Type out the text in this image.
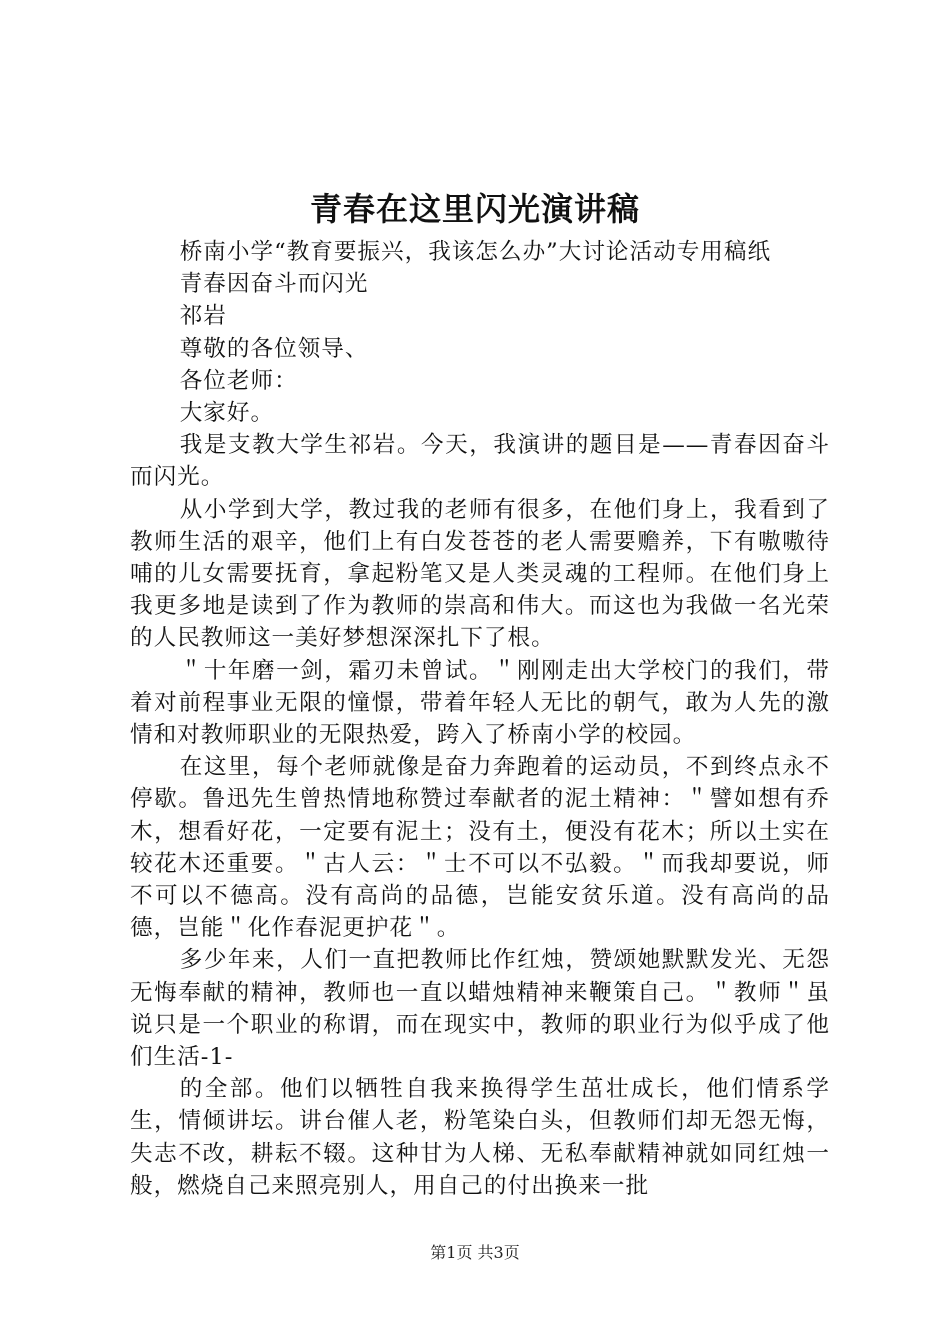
青春在这里闪光演讲稿

桥南小学“教育要振兴，我该怎么办”大讨论活动专用稿纸

青春因奋斗而闪光

祁岩

尊敬的各位领导、

各位老师：

大家好。

我是支教大学生祁岩。今天，我演讲的题目是——青春因奋斗而闪光。

从小学到大学，教过我的老师有很多，在他们身上，我看到了教师生活的艰辛，他们上有白发苍苍的老人需要赡养，下有嗷嗷待哺的儿女需要抚育，拿起粉笔又是人类灵魂的工程师。在他们身上我更多地是读到了作为教师的崇高和伟大。而这也为我做一名光荣的人民教师这一美好梦想深深扎下了根。

＂十年磨一剑，霜刃未曾试。＂刚刚走出大学校门的我们，带着对前程事业无限的憧憬，带着年轻人无比的朝气，敢为人先的激情和对教师职业的无限热爱，跨入了桥南小学的校园。

在这里，每个老师就像是奋力奔跑着的运动员，不到终点永不停歇。鲁迅先生曾热情地称赞过奉献者的泥土精神：＂譬如想有乔木，想看好花，一定要有泥土；没有土，便没有花木；所以土实在较花木还重要。＂古人云：＂士不可以不弘毅。＂而我却要说，师不可以不德高。没有高尚的品德，岂能安贫乐道。没有高尚的品德，岂能＂化作春泥更护花＂。

多少年来，人们一直把教师比作红烛，赞颂她默默发光、无怨无悔奉献的精神，教师也一直以蜡烛精神来鞭策自己。＂教师＂虽说只是一个职业的称谓，而在现实中，教师的职业行为似乎成了他们生活-1-

的全部。他们以牺牲自我来换得学生茁壮成长，他们情系学生，情倾讲坛。讲台催人老，粉笔染白头，但教师们却无怨无悔，失志不改，耕耘不辍。这种甘为人梯、无私奉献精神就如同红烛一般，燃烧自己来照亮别人，用自己的付出换来一批

第1页 共3页
